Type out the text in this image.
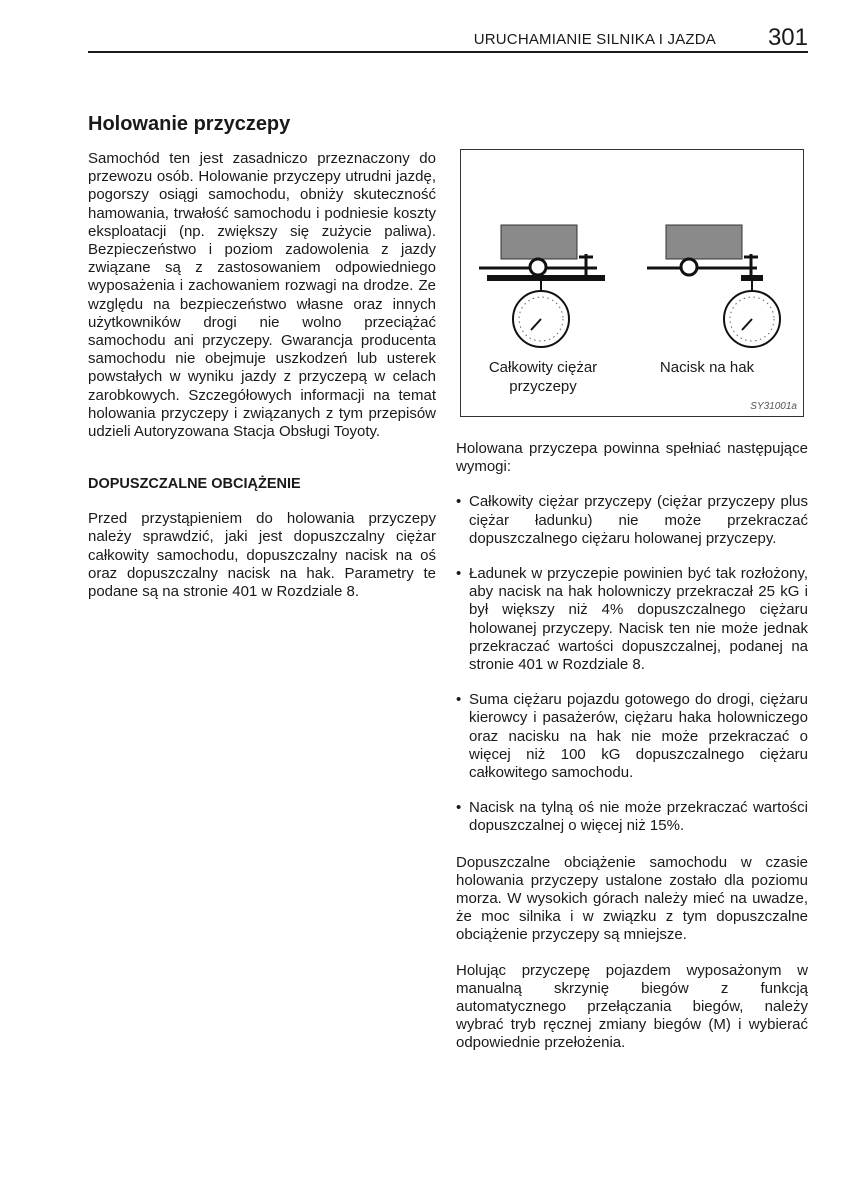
URUCHAMIANIE SILNIKA I JAZDA 301
Holowanie przyczepy

Samochód ten jest zasadniczo przeznaczony do przewozu osób. Holowanie przyczepy utrudni jazdę, pogorszy osiągi samochodu, obniży skuteczność hamowania, trwałość samochodu i podniesie koszty eksploatacji (np. zwiększy się zużycie paliwa). Bezpieczeństwo i poziom zadowolenia z jazdy związane są z zastosowaniem odpowiedniego wyposażenia i zachowaniem rozwagi na drodze. Ze względu na bezpieczeństwo własne oraz innych użytkowników drogi nie wolno przeciążać samochodu ani przyczepy. Gwarancja producenta samochodu nie obejmuje uszkodzeń lub usterek powstałych w wyniku jazdy z przyczepą w celach zarobkowych. Szczegółowych informacji na temat holowania przyczepy i związanych z tym przepisów udzieli Autoryzowana Stacja Obsługi Toyoty.

DOPUSZCZALNE OBCIĄŻENIE

Przed przystąpieniem do holowania przyczepy należy sprawdzić, jaki jest dopuszczalny ciężar całkowity samochodu, dopuszczalny nacisk na oś oraz dopuszczalny nacisk na hak. Parametry te podane są na stronie 401 w Rozdziale 8.

Całkowity ciężar przyczepy
Nacisk na hak
SY31001a

Holowana przyczepa powinna spełniać następujące wymogi:

• Całkowity ciężar przyczepy (ciężar przyczepy plus ciężar ładunku) nie może przekraczać dopuszczalnego ciężaru holowanej przyczepy.
• Ładunek w przyczepie powinien być tak rozłożony, aby nacisk na hak holowniczy przekraczał 25 kG i był większy niż 4% dopuszczalnego ciężaru holowanej przyczepy. Nacisk ten nie może jednak przekraczać wartości dopuszczalnej, podanej na stronie 401 w Rozdziale 8.
• Suma ciężaru pojazdu gotowego do drogi, ciężaru kierowcy i pasażerów, ciężaru haka holowniczego oraz nacisku na hak nie może przekraczać o więcej niż 100 kG dopuszczalnego ciężaru całkowitego samochodu.
• Nacisk na tylną oś nie może przekraczać wartości dopuszczalnej o więcej niż 15%.

Dopuszczalne obciążenie samochodu w czasie holowania przyczepy ustalone zostało dla poziomu morza. W wysokich górach należy mieć na uwadze, że moc silnika i w związku z tym dopuszczalne obciążenie przyczepy są mniejsze.

Holując przyczepę pojazdem wyposażonym w manualną skrzynię biegów z funkcją automatycznego przełączania biegów, należy wybrać tryb ręcznej zmiany biegów (M) i wybierać odpowiednie przełożenia.
